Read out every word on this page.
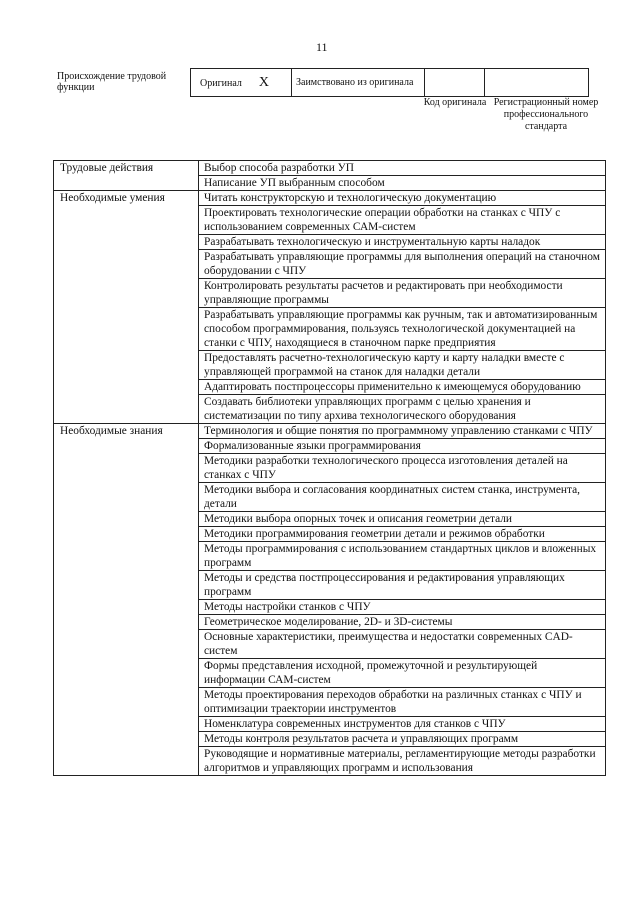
11
Происхождение трудовой функции	Оригинал X	Заимствовано из оригинала		
Код оригинала Регистрационный номер профессионального стандарта
Трудовые действия	Выбор способа разработки УП
	Написание УП выбранным способом
Необходимые умения	Читать конструкторскую и технологическую документацию
	Проектировать технологические операции обработки на станках с ЧПУ с использованием современных САМ-систем
	Разрабатывать технологическую и инструментальную карты наладок
	Разрабатывать управляющие программы для выполнения операций на станочном оборудовании с ЧПУ
	Контролировать результаты расчетов и редактировать при необходимости управляющие программы
	Разрабатывать управляющие программы как ручным, так и автоматизированным способом программирования, пользуясь технологической документацией на станки с ЧПУ, находящиеся в станочном парке предприятия
	Предоставлять расчетно-технологическую карту и карту наладки вместе с управляющей программой на станок для наладки детали
	Адаптировать постпроцессоры применительно к имеющемуся оборудованию
	Создавать библиотеки управляющих программ с целью хранения и систематизации по типу архива технологического оборудования
Необходимые знания	Терминология и общие понятия по программному управлению станками с ЧПУ
	Формализованные языки программирования
	Методики разработки технологического процесса изготовления деталей на станках с ЧПУ
	Методики выбора и согласования координатных систем станка, инструмента, детали
	Методики выбора опорных точек и описания геометрии детали
	Методики программирования геометрии детали и режимов обработки
	Методы программирования с использованием стандартных циклов и вложенных программ
	Методы и средства постпроцессирования и редактирования управляющих программ
	Методы настройки станков с ЧПУ
	Геометрическое моделирование, 2D- и 3D-системы
	Основные характеристики, преимущества и недостатки современных CAD-систем
	Формы представления исходной, промежуточной и результирующей информации САМ-систем
	Методы проектирования переходов обработки на различных станках с ЧПУ и оптимизации траектории инструментов
	Номенклатура современных инструментов для станков с ЧПУ
	Методы контроля результатов расчета и управляющих программ
	Руководящие и нормативные материалы, регламентирующие методы разработки алгоритмов и управляющих программ и использования
